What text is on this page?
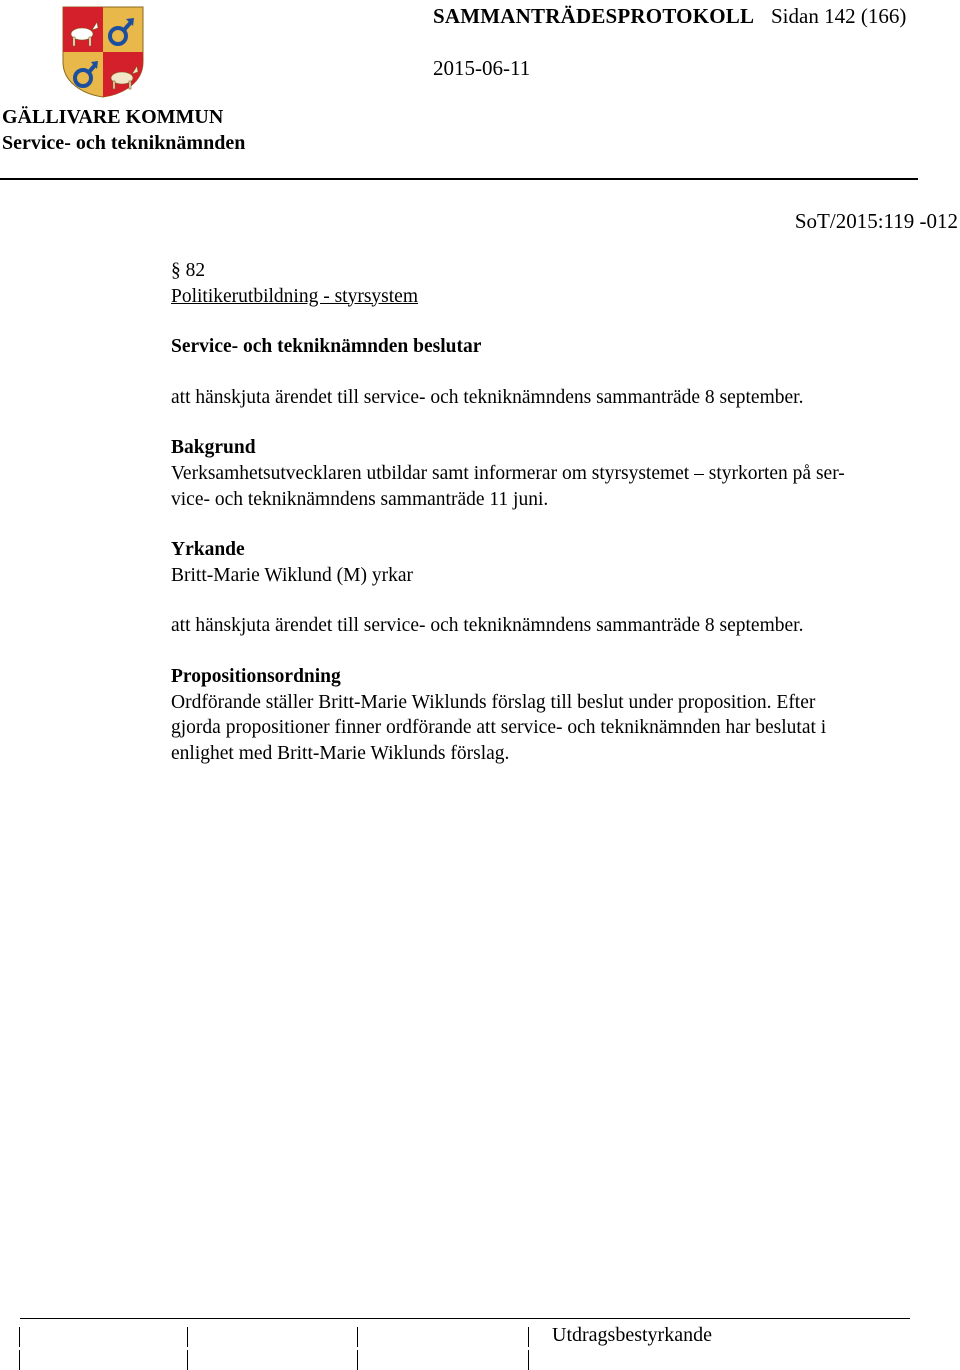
SAMMANTRÄDESPROTOKOLL Sidan 142 (166)
2015-06-11
GÄLLIVARE KOMMUN
Service- och tekniknämnden
SoT/2015:119 -012

§ 82

Politikerutbildning - styrsystem

Service- och tekniknämnden beslutar

att hänskjuta ärendet till service- och tekniknämndens sammanträde 8 september.

Bakgrund

Verksamhetsutvecklaren utbildar samt informerar om styrsystemet – styrkorten på ser-

vice- och tekniknämndens sammanträde 11 juni.

Yrkande

Britt-Marie Wiklund (M) yrkar

att hänskjuta ärendet till service- och tekniknämndens sammanträde 8 september.

Propositionsordning

Ordförande ställer Britt-Marie Wiklunds förslag till beslut under proposition. Efter

gjorda propositioner finner ordförande att service- och tekniknämnden har beslutat i

enlighet med Britt-Marie Wiklunds förslag.

Utdragsbestyrkande
